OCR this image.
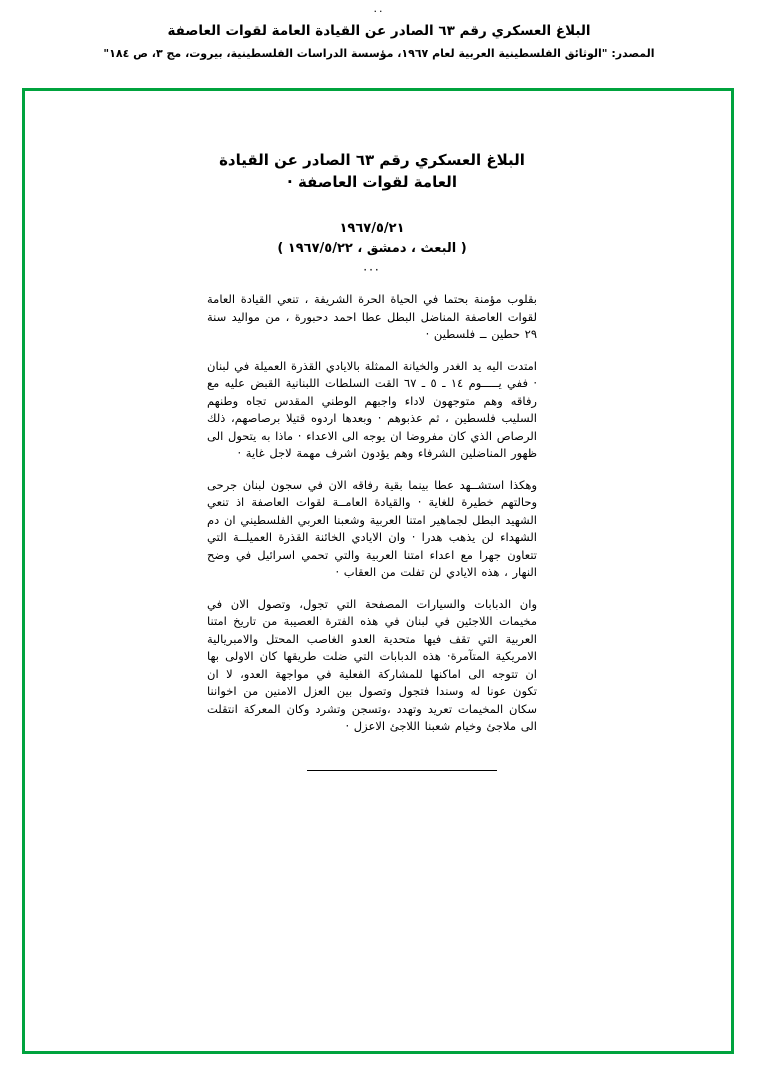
··
البلاغ العسكري رقم ٦٣ الصادر عن القيادة العامة لقوات العاصفة
المصدر: "الوثائق الفلسطينية العربية لعام ١٩٦٧، مؤسسة الدراسات الفلسطينية، بيروت، مج ٣، ص ١٨٤"
البلاغ العسكري رقم ٦٣ الصادر عن القيادة العامة لقوات العاصفة ·
١٩٦٧/٥/٢١
( البعث ، دمشق ، ١٩٦٧/٥/٢٢ )
···

بقلوب مؤمنة بحتما في الحياة الحرة الشريفة ، تنعي القيادة العامة لقوات العاصفة المناضل البطل عطا احمد دحبورة ، من مواليد سنة ٢٩ حطين ــ فلسطين ·

امتدت اليه يد الغدر والخيانة الممثلة بالايادي القذرة العميلة في لبنان · ففي يـــــوم ١٤ ـ ٥ ـ ٦٧ القت السلطات اللبنانية القبض عليه مع رفاقه وهم متوجهون لاداء واجبهم الوطني المقدس تجاه وطنهم السليب فلسطين ، ثم عذبوهم · وبعدها اردوه قتيلا برصاصهم، ذلك الرصاص الذي كان مفروضا ان يوجه الى الاعداء · ماذا به يتحول الى ظهور المناضلين الشرفاء وهم يؤدون اشرف مهمة لاجل غاية ·

وهكذا استشــهد عطا بينما بقية رفاقه الان في سجون لبنان جرحى وحالتهم خطيرة للغاية · والقيادة العامــة لقوات العاصفة اذ تنعي الشهيد البطل لجماهير امتنا العربية وشعبنا العربي الفلسطيني ان دم الشهداء لن يذهب هدرا · وان الايادي الخائنة القذرة العميلــة التي تتعاون جهرا مع اعداء امتنا العربية والتي تحمي اسرائيل في وضح النهار ، هذه الايادي لن تفلت من العقاب ·

وان الدبابات والسيارات المصفحة التي تجول، وتصول الان في مخيمات اللاجئين في لبنان في هذه الفترة العصيبة من تاريخ امتنا العربية التي تقف فيها متحدية العدو الغاصب المحتل والامبريالية الامريكية المتآمرة· هذه الدبابات التي ضلت طريقها كان الاولى بها ان تتوجه الى اماكنها للمشاركة الفعلية في مواجهة العدو، لا ان تكون عونا له وسندا فتجول وتصول بين العزل الامنين من اخواننا سكان المخيمات تعريد وتهدد ،وتسجن وتشرد وكان المعركة انتقلت الى ملاجئ وخيام شعبنا اللاجئ الاعزل ·
